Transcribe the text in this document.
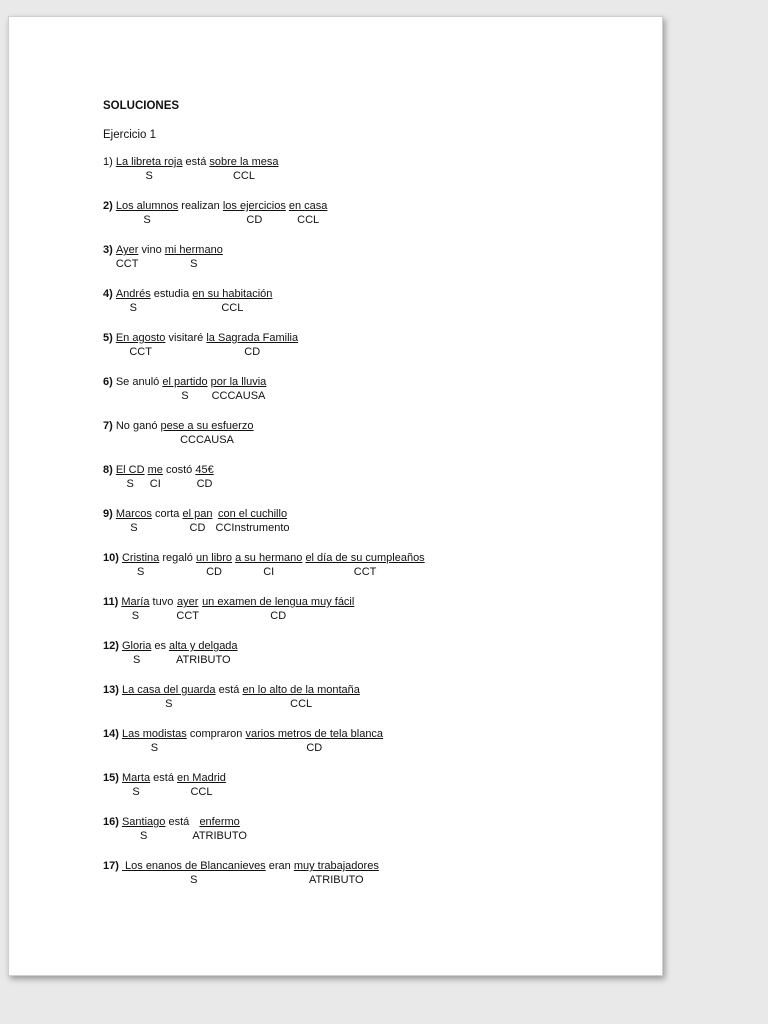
SOLUCIONES

Ejercicio 1
1)
La libreta roja
S
está sobre la mesa
CCL
2)
Los alumnos
S
realizan los ejercicios
CD

en casa
CCL
3)
Ayer
CCT
vino mi hermano
S
4)
Andrés
S
estudia en su habitación
CCL
5)
En agosto
CCT
visitaré la Sagrada Familia
CD
6)
Se anuló el partido
S

por la lluvia
CCCAUSA
7)
No ganó pese a su esfuerzo
CCCAUSA
8)
El CD
S

me
CI
costó 45€
CD
9)
Marcos
S
corta el pan
CD

con el cuchillo
CCInstrumento
10)
Cristina
S
regaló un libro
CD

a su hermano
CI

el día de su cumpleaños
CCT
11)
María
S
tuvo ayer
CCT

un examen de lengua muy fácil
CD
12)
Gloria
S
es alta y delgada
ATRIBUTO
13)
La casa del guarda
S
está en lo alto de la montaña
CCL
14)
Las modistas
S
compraron varios metros de tela blanca
CD
15)
Marta
S
está en Madrid
CCL
16)
Santiago
S
está enfermo
ATRIBUTO
17)
Los enanos de Blancanieves
S
eran muy trabajadores
ATRIBUTO
